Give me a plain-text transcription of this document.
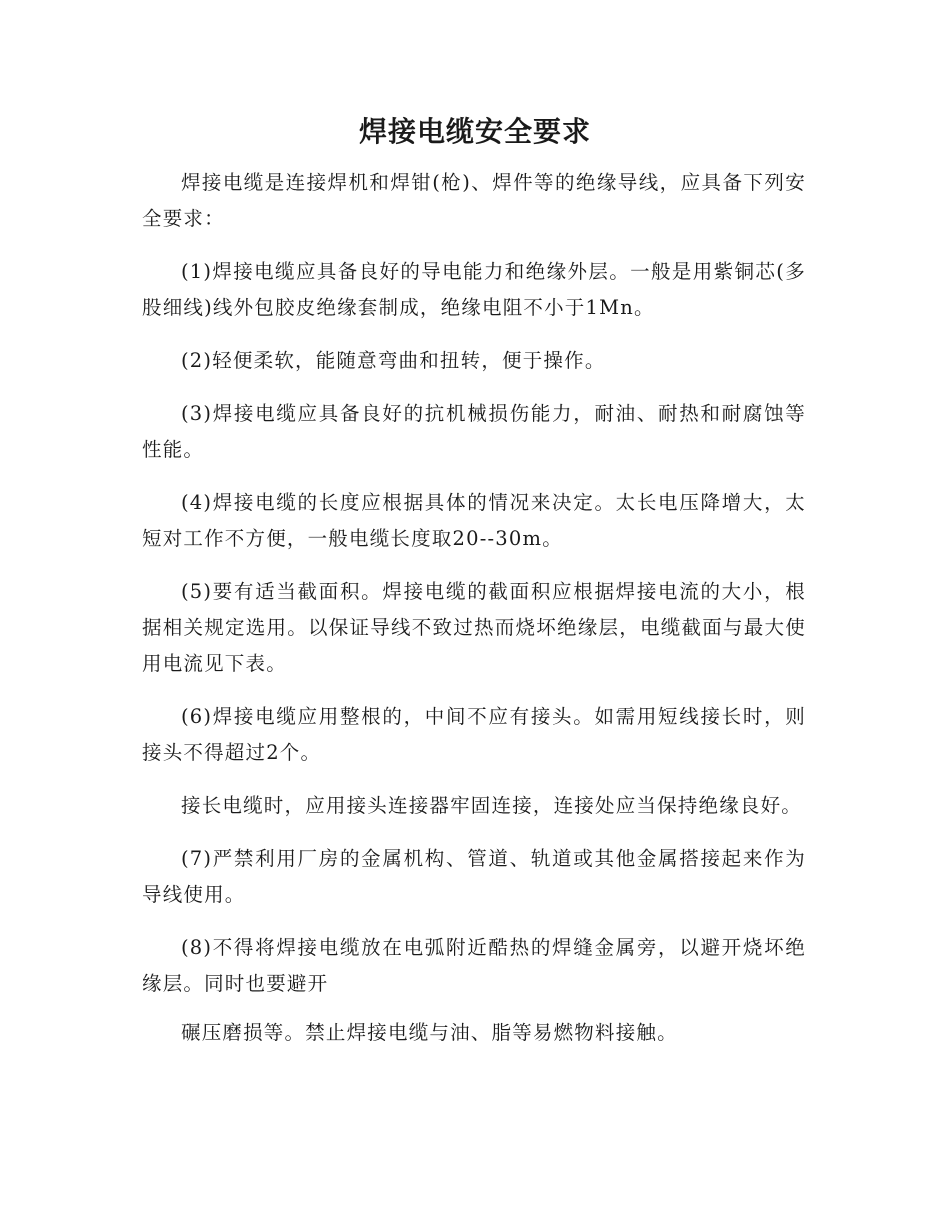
焊接电缆安全要求

焊接电缆是连接焊机和焊钳(枪)、焊件等的绝缘导线，应具备下列安全要求：

(1)焊接电缆应具备良好的导电能力和绝缘外层。一般是用紫铜芯(多股细线)线外包胶皮绝缘套制成，绝缘电阻不小于1Mn。

(2)轻便柔软，能随意弯曲和扭转，便于操作。

(3)焊接电缆应具备良好的抗机械损伤能力，耐油、耐热和耐腐蚀等性能。

(4)焊接电缆的长度应根据具体的情况来决定。太长电压降增大，太短对工作不方便，一般电缆长度取20--30m。

(5)要有适当截面积。焊接电缆的截面积应根据焊接电流的大小，根据相关规定选用。以保证导线不致过热而烧坏绝缘层，电缆截面与最大使用电流见下表。

(6)焊接电缆应用整根的，中间不应有接头。如需用短线接长时，则接头不得超过2个。

接长电缆时，应用接头连接器牢固连接，连接处应当保持绝缘良好。

(7)严禁利用厂房的金属机构、管道、轨道或其他金属搭接起来作为导线使用。

(8)不得将焊接电缆放在电弧附近酷热的焊缝金属旁，以避开烧坏绝缘层。同时也要避开

碾压磨损等。禁止焊接电缆与油、脂等易燃物料接触。
